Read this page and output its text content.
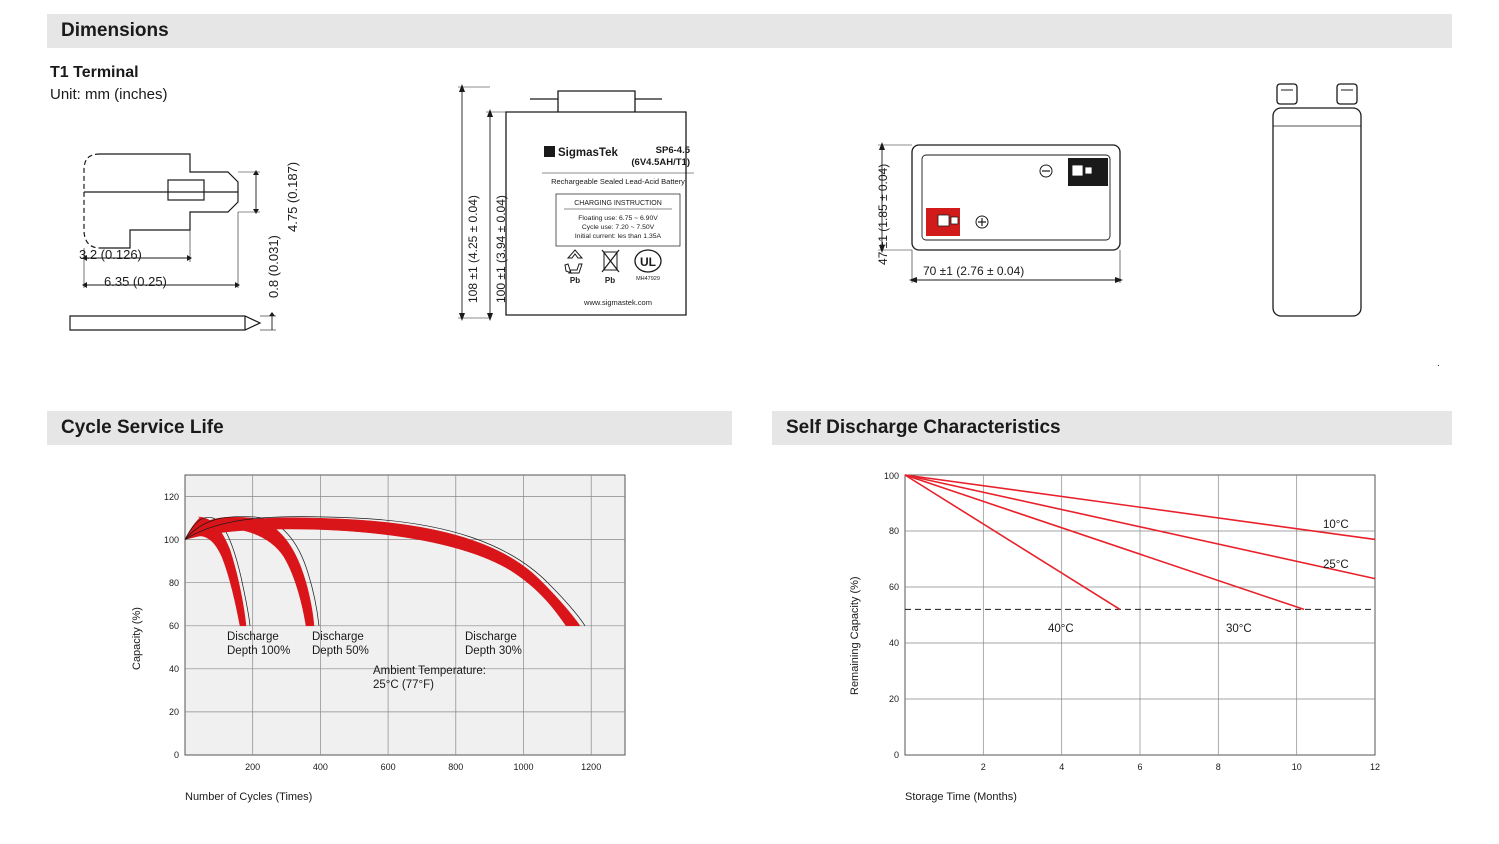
Dimensions
T1 Terminal
Unit: mm (inches)
4.75 (0.187)
3.2 (0.126)
6.35 (0.25)	0.8 (0.031)	108 ±1 (4.25 ± 0.04) 100 ±1 (3.94 ± 0.04)
Σ SigmasTek	SP6-4.5
(6V4.5AH/T1)
Rechargeable Sealed Lead-Acid Battery
CHARGING INSTRUCTION
Floating use: 6.75 ~ 6.90V
Cycle use: 7.20 ~ 7.50V
Initial current: les than 1.35A
Pb	Pb
UL
MH47929
www.sigmastek.com
47 ±1 (1.85 ± 0.04)
70 ±1 (2.76 ± 0.04)
.
Cycle Service Life
0
20
40
60
80
100
120
200	400	600	800	1000	1200
Discharge
Depth 100%
Discharge
Depth 50%
Discharge
Depth 30%
Ambient Temperature:
25°C (77°F)
Capacity (%)
Number of Cycles (Times)
Self Discharge Characteristics
0
20
40
60
80
100
2	4	6	8	10	12
10°C
25°C
40°C	30°C
Remaining Capacity (%)
Storage Time (Months)
